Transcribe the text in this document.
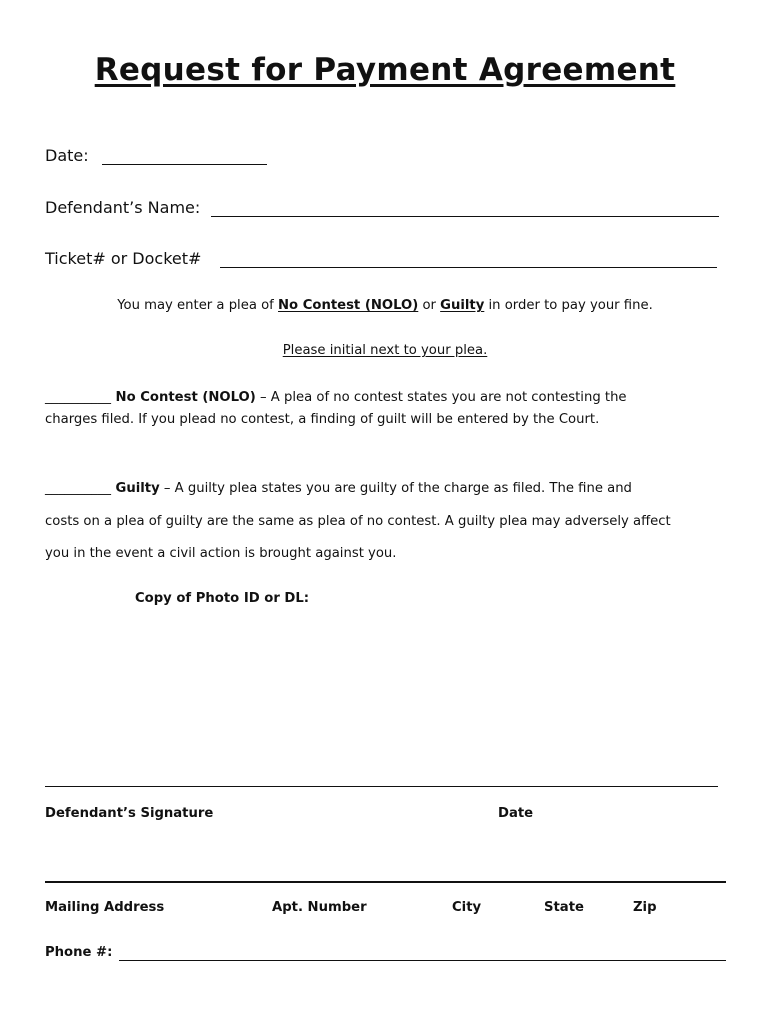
Request for Payment Agreement
Date:
Defendant’s Name:
Ticket# or Docket#
You may enter a plea of No Contest (NOLO) or Guilty in order to pay your fine.
Please initial next to your plea.
__________ No Contest (NOLO) – A plea of no contest states you are not contesting the
charges filed. If you plead no contest, a finding of guilt will be entered by the Court.
__________ Guilty – A guilty plea states you are guilty of the charge as filed. The fine and
costs on a plea of guilty are the same as plea of no contest. A guilty plea may adversely affect
you in the event a civil action is brought against you.
Copy of Photo ID or DL:
Defendant’s Signature	Date
Mailing Address	Apt. Number	City	State	Zip
Phone #:
